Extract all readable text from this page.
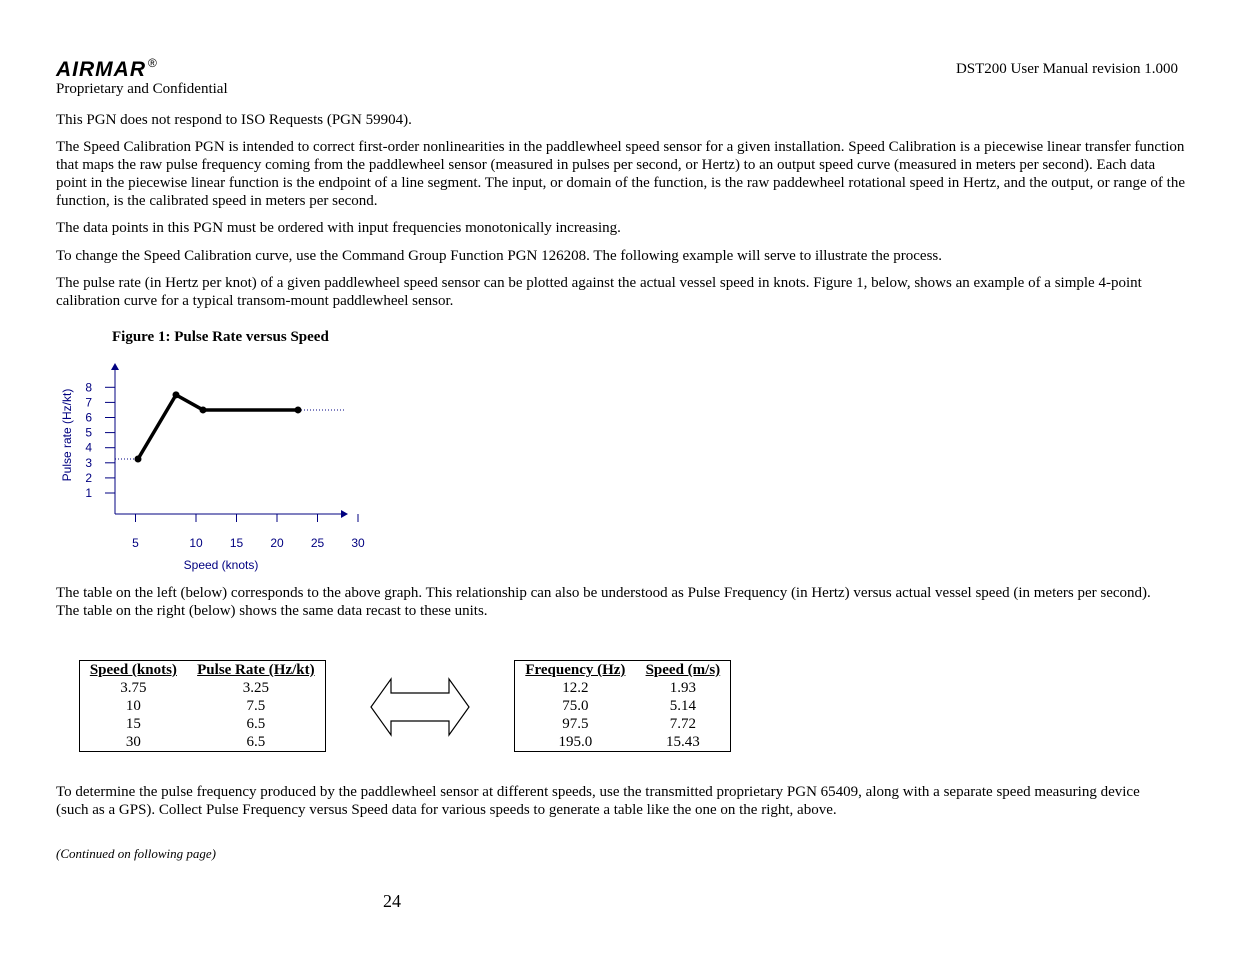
AIRMAR ®	DST200 User Manual revision 1.000
Proprietary and Confidential
This PGN does not respond to ISO Requests (PGN 59904).
The Speed Calibration PGN is intended to correct first-order nonlinearities in the paddlewheel speed sensor for a given installation. Speed Calibration is a piecewise linear transfer function that maps the raw pulse frequency coming from the paddlewheel sensor (measured in pulses per second, or Hertz) to an output speed curve (measured in meters per second). Each data point in the piecewise linear function is the endpoint of a line segment. The input, or domain of the function, is the raw paddewheel rotational speed in Hertz, and the output, or range of the function, is the calibrated speed in meters per second.
The data points in this PGN must be ordered with input frequencies monotonically increasing.
To change the Speed Calibration curve, use the Command Group Function PGN 126208. The following example will serve to illustrate the process.
The pulse rate (in Hertz per knot) of a given paddlewheel speed sensor can be plotted against the actual vessel speed in knots. Figure 1, below, shows an example of a simple 4-point calibration curve for a typical transom-mount paddlewheel sensor.
Figure 1: Pulse Rate versus Speed
1
2
3
4
5
6
7
8
5	10 15 20 25 30
Speed (knots)
Pulse rate (Hz/kt)
The table on the left (below) corresponds to the above graph. This relationship can also be understood as Pulse Frequency (in Hertz) versus actual vessel speed (in meters per second). The table on the right (below) shows the same data recast to these units.
Speed (knots)	Pulse Rate (Hz/kt)
3.75	3.25
10	7.5
15	6.5
30	6.5
Frequency (Hz)	Speed (m/s)
12.2	1.93
75.0	5.14
97.5	7.72
195.0	15.43
To determine the pulse frequency produced by the paddlewheel sensor at different speeds, use the transmitted proprietary PGN 65409, along with a separate speed measuring device (such as a GPS). Collect Pulse Frequency versus Speed data for various speeds to generate a table like the one on the right, above.
(Continued on following page)
24
